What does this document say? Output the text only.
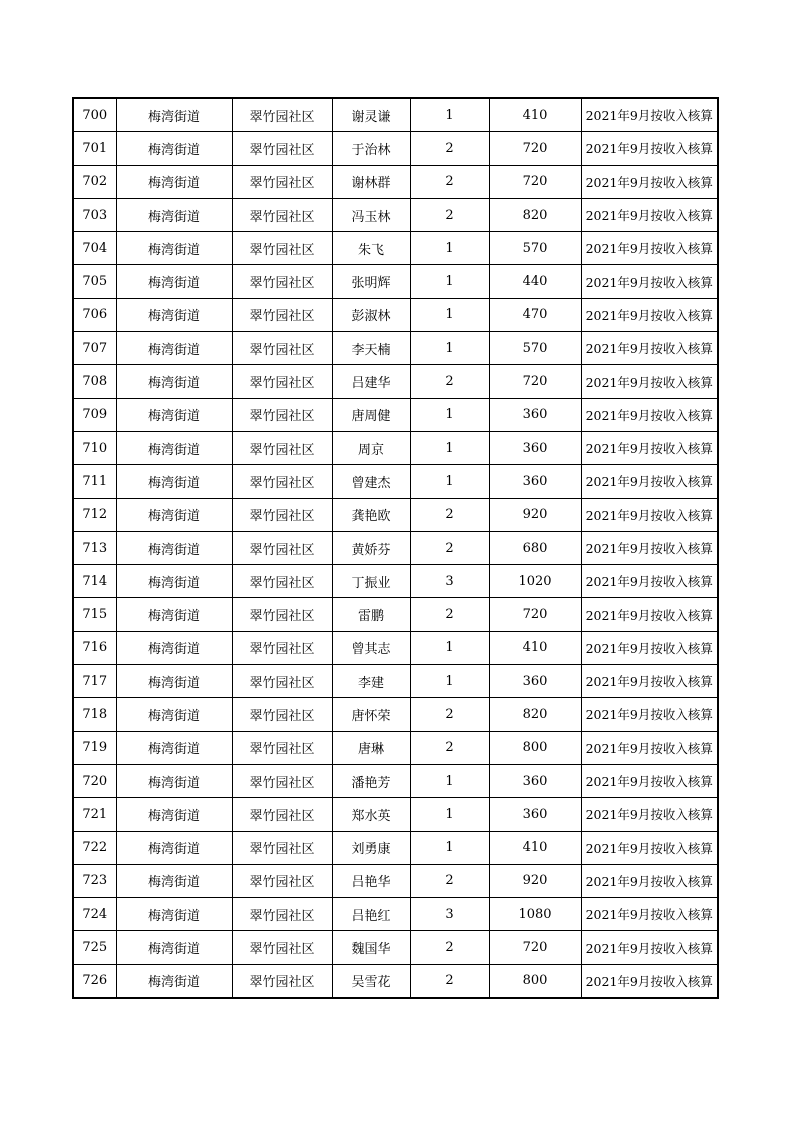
700	梅湾街道	翠竹园社区	谢灵谦	1	410	2021年9月按收入核算
701	梅湾街道	翠竹园社区	于治林	2	720	2021年9月按收入核算
702	梅湾街道	翠竹园社区	谢林群	2	720	2021年9月按收入核算
703	梅湾街道	翠竹园社区	冯玉林	2	820	2021年9月按收入核算
704	梅湾街道	翠竹园社区	朱飞	1	570	2021年9月按收入核算
705	梅湾街道	翠竹园社区	张明辉	1	440	2021年9月按收入核算
706	梅湾街道	翠竹园社区	彭淑林	1	470	2021年9月按收入核算
707	梅湾街道	翠竹园社区	李天楠	1	570	2021年9月按收入核算
708	梅湾街道	翠竹园社区	吕建华	2	720	2021年9月按收入核算
709	梅湾街道	翠竹园社区	唐周健	1	360	2021年9月按收入核算
710	梅湾街道	翠竹园社区	周京	1	360	2021年9月按收入核算
711	梅湾街道	翠竹园社区	曾建杰	1	360	2021年9月按收入核算
712	梅湾街道	翠竹园社区	龚艳欧	2	920	2021年9月按收入核算
713	梅湾街道	翠竹园社区	黄娇芬	2	680	2021年9月按收入核算
714	梅湾街道	翠竹园社区	丁振业	3	1020	2021年9月按收入核算
715	梅湾街道	翠竹园社区	雷鹏	2	720	2021年9月按收入核算
716	梅湾街道	翠竹园社区	曾其志	1	410	2021年9月按收入核算
717	梅湾街道	翠竹园社区	李建	1	360	2021年9月按收入核算
718	梅湾街道	翠竹园社区	唐怀荣	2	820	2021年9月按收入核算
719	梅湾街道	翠竹园社区	唐琳	2	800	2021年9月按收入核算
720	梅湾街道	翠竹园社区	潘艳芳	1	360	2021年9月按收入核算
721	梅湾街道	翠竹园社区	郑水英	1	360	2021年9月按收入核算
722	梅湾街道	翠竹园社区	刘勇康	1	410	2021年9月按收入核算
723	梅湾街道	翠竹园社区	吕艳华	2	920	2021年9月按收入核算
724	梅湾街道	翠竹园社区	吕艳红	3	1080	2021年9月按收入核算
725	梅湾街道	翠竹园社区	魏国华	2	720	2021年9月按收入核算
726	梅湾街道	翠竹园社区	吴雪花	2	800	2021年9月按收入核算
